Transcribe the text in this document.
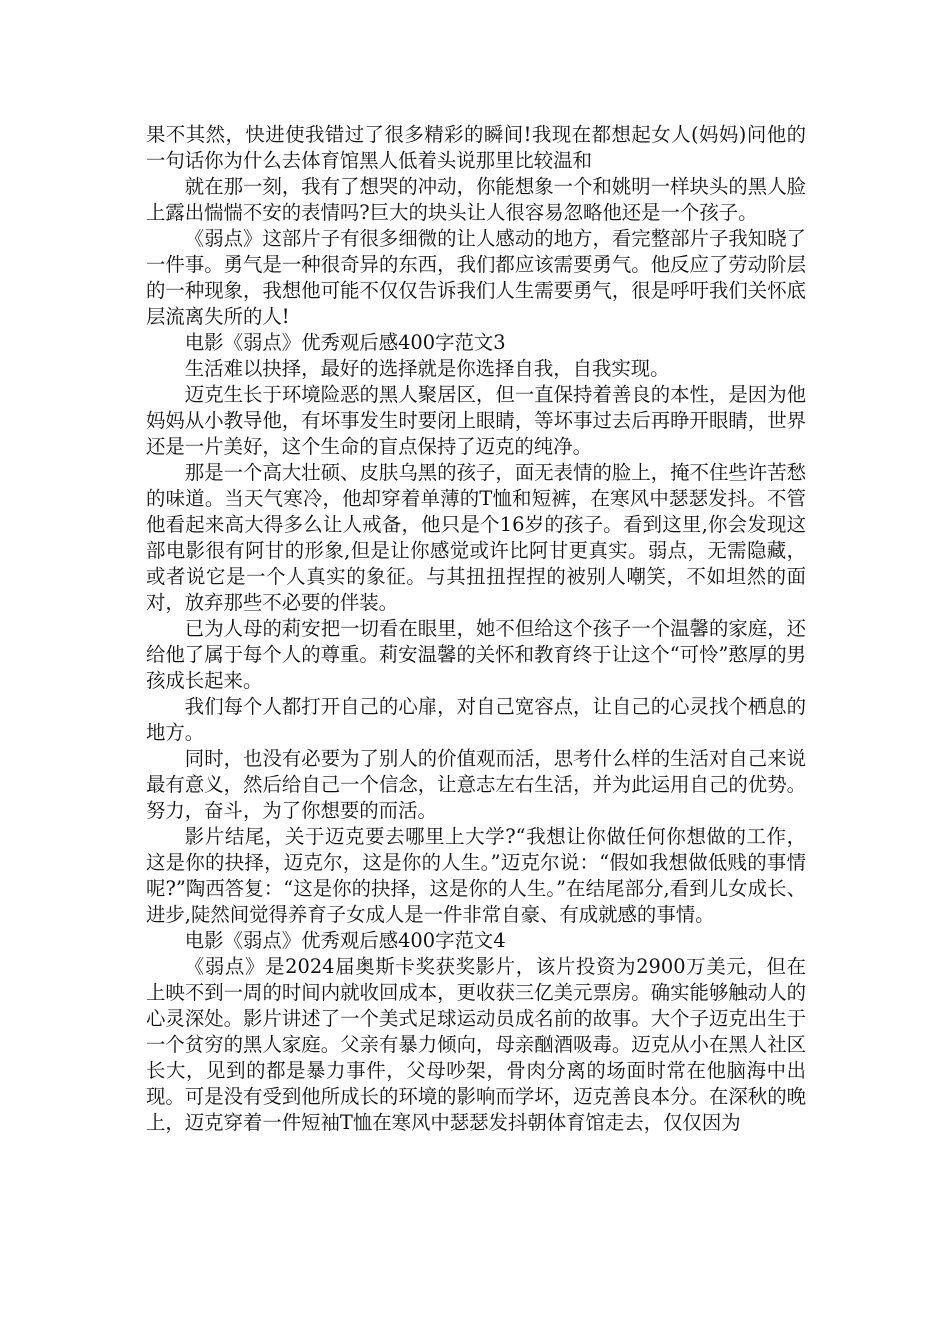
果不其然，快进使我错过了很多精彩的瞬间!我现在都想起女人(妈妈)问他的一句话你为什么去体育馆黑人低着头说那里比较温和

就在那一刻，我有了想哭的冲动，你能想象一个和姚明一样块头的黑人脸上露出惴惴不安的表情吗?巨大的块头让人很容易忽略他还是一个孩子。

《弱点》这部片子有很多细微的让人感动的地方，看完整部片子我知晓了一件事。勇气是一种很奇异的东西，我们都应该需要勇气。他反应了劳动阶层的一种现象，我想他可能不仅仅告诉我们人生需要勇气，很是呼吁我们关怀底层流离失所的人!

电影《弱点》优秀观后感400字范文3

生活难以抉择，最好的选择就是你选择自我，自我实现。

迈克生长于环境险恶的黑人聚居区，但一直保持着善良的本性，是因为他妈妈从小教导他，有坏事发生时要闭上眼睛，等坏事过去后再睁开眼睛，世界还是一片美好，这个生命的盲点保持了迈克的纯净。

那是一个高大壮硕、皮肤乌黑的孩子，面无表情的脸上，掩不住些许苦愁的味道。当天气寒冷，他却穿着单薄的T恤和短裤，在寒风中瑟瑟发抖。不管他看起来高大得多么让人戒备，他只是个16岁的孩子。看到这里,你会发现这部电影很有阿甘的形象,但是让你感觉或许比阿甘更真实。弱点，无需隐藏，或者说它是一个人真实的象征。与其扭扭捏捏的被别人嘲笑，不如坦然的面对，放弃那些不必要的伴装。

已为人母的莉安把一切看在眼里，她不但给这个孩子一个温馨的家庭，还给他了属于每个人的尊重。莉安温馨的关怀和教育终于让这个“可怜”憨厚的男孩成长起来。

我们每个人都打开自己的心扉，对自己宽容点，让自己的心灵找个栖息的地方。

同时，也没有必要为了别人的价值观而活，思考什么样的生活对自己来说最有意义，然后给自己一个信念，让意志左右生活，并为此运用自己的优势。努力，奋斗，为了你想要的而活。

影片结尾，关于迈克要去哪里上大学?“我想让你做任何你想做的工作，这是你的抉择，迈克尔，这是你的人生。”迈克尔说：“假如我想做低贱的事情呢?”陶西答复：“这是你的抉择，这是你的人生。”在结尾部分,看到儿女成长、进步,陡然间觉得养育子女成人是一件非常自豪、有成就感的事情。

电影《弱点》优秀观后感400字范文4

《弱点》是2024届奥斯卡奖获奖影片，该片投资为2900万美元，但在上映不到一周的时间内就收回成本，更收获三亿美元票房。确实能够触动人的心灵深处。影片讲述了一个美式足球运动员成名前的故事。大个子迈克出生于一个贫穷的黑人家庭。父亲有暴力倾向，母亲酗酒吸毒。迈克从小在黑人社区长大，见到的都是暴力事件，父母吵架，骨肉分离的场面时常在他脑海中出现。可是没有受到他所成长的环境的影响而学坏，迈克善良本分。在深秋的晚上，迈克穿着一件短袖T恤在寒风中瑟瑟发抖朝体育馆走去，仅仅因为
